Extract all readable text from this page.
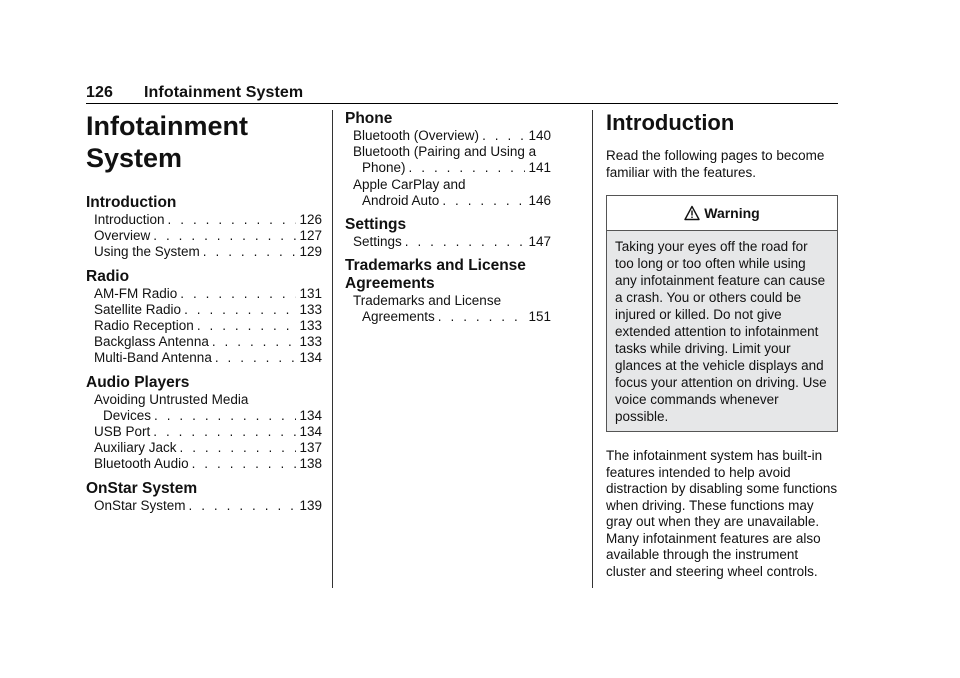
126 Infotainment System
Infotainment System
Introduction
Introduction . . .	126
Overview . . .	127
Using the System . . .	129
Radio
AM-FM Radio . . .	131
Satellite Radio . . .	133
Radio Reception . . .	133
Backglass Antenna . . .	133
Multi-Band Antenna . . .	134
Audio Players
Avoiding Untrusted Media
Devices . . .	134
USB Port . . .	134
Auxiliary Jack . . .	137
Bluetooth Audio . . .	138
OnStar System
OnStar System . . .	139
Phone
Bluetooth (Overview) . . .	140
Bluetooth (Pairing and Using a
Phone) . . .	141
Apple CarPlay and
Android Auto . . .	146
Settings
Settings . . .	147
Trademarks and License
Agreements
Trademarks and License
Agreements . . .	151
Introduction

Read the following pages to become familiar with the features.

Warning
Taking your eyes off the road for too long or too often while using any infotainment feature can cause a crash. You or others could be injured or killed. Do not give extended attention to infotainment tasks while driving. Limit your glances at the vehicle displays and focus your attention on driving. Use voice commands whenever possible.

The infotainment system has built-in features intended to help avoid distraction by disabling some functions when driving. These functions may gray out when they are unavailable. Many infotainment features are also available through the instrument cluster and steering wheel controls.
